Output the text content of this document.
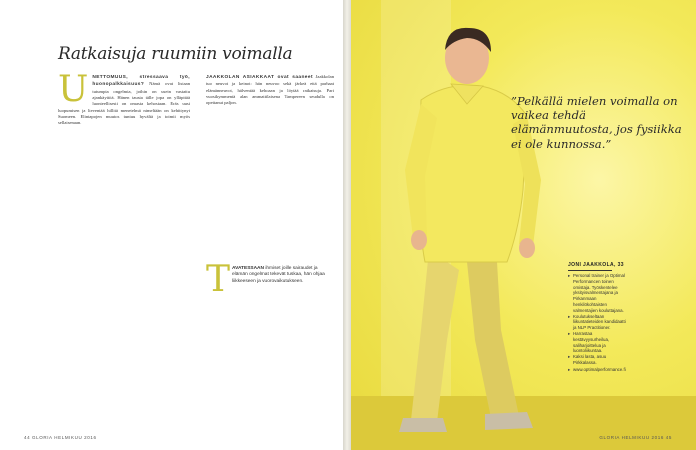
Ratkaisuja ruumiin voimalla
U NETTOMUUS, stressaava työ, huonopalkkaisuus? Nämä ovat listaan tutumpia ongelmia, joihin on usein vastattu ajankäyttöä. Hänen tausta tälle jopa on ylläpitää luonteellisesti on omasta kehostaan. Eräs uusi luopumisen ja lieventää hillitä menetelmä nimeltään on kehittynyt Suomeen. Elintapojen muutos tuntuu hyvältä ja toimii myös sellaisenaan.

JAAKKOLAN ASIAKKAAT ovat saaneet Jaakkolan tuo neuvot ja keinot: hän neuvoo sekä järkeä että parhaat elämänneuvot, hälventää kehoaan ja löytää ratkaisuja. Pari vuosikymmentä alan ammattilaisena Tampereen seudulla on opettanut paljon.

T AVATESSAAN ihmiset joille sairaudet ja elämän ongelmat tekevät tuskaa, hän ohjaa liikkeeseen ja vuorovaikutukseen.
44 GLORIA HELMIKUU 2016
”Pelkällä mielen voimalla on vaikea tehdä elämänmuutosta, jos fysiikka ei ole kunnossa.”
JONI JAAKKOLA, 33

▸ Personal trainer ja Optimal Performancen toinen omistaja. Työskentelee yksityisvalmentajana ja Pirkanmaan henkilökohtaisten valmentajien kouluttajana.

▸ Koulutukseltaan liikuntatieteiden kandidaatti ja NLP Practitioner.

▸ Harrastaa kestävyysurheilua, saliharjoittelua ja luontoliikuntaa.

▸ Kaksi lasta, asuu Pirkkalassa.

▸ www.optimalperformance.fi

GLORIA HELMIKUU 2016 45
